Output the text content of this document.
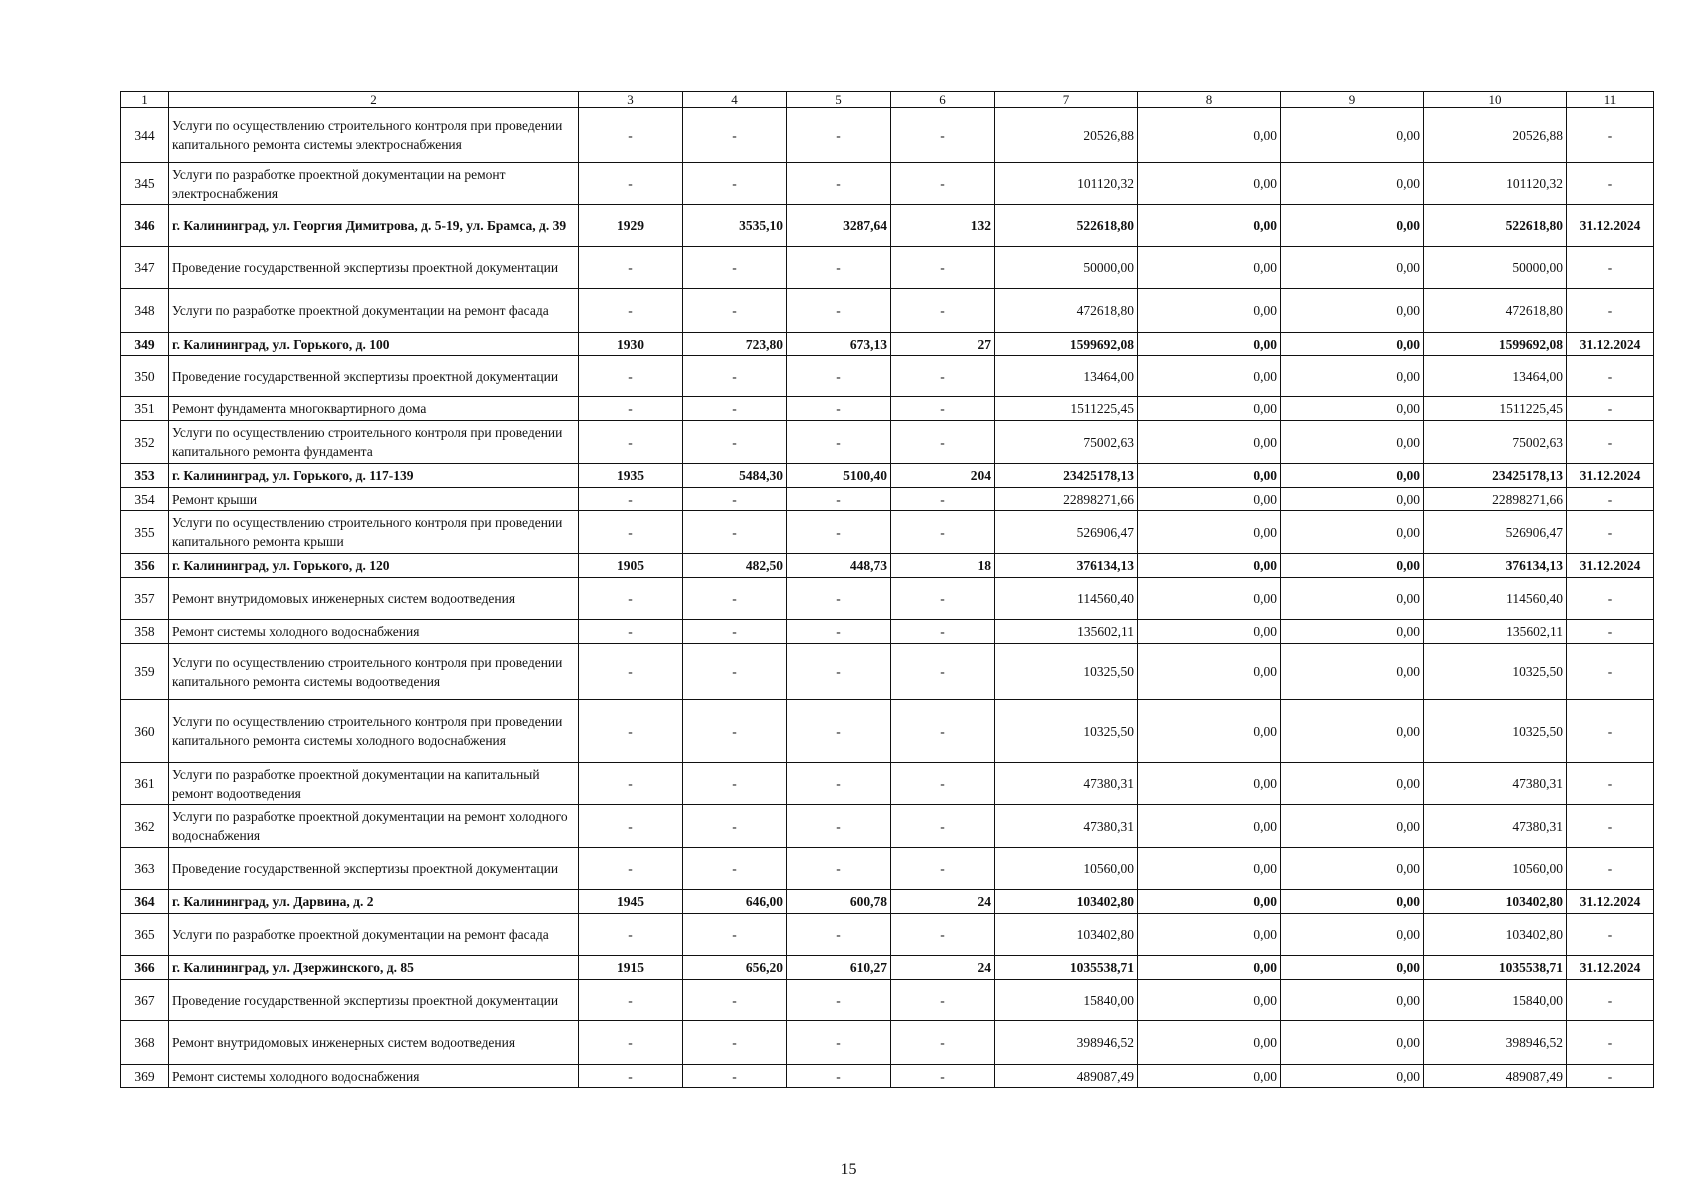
1	2	3	4	5	6	7	8	9	10	11
344	Услуги по осуществлению строительного контроля при проведении капитального ремонта системы электроснабжения	-	-	-	-	20526,88	0,00	0,00	20526,88	-
345	Услуги по разработке проектной документации на ремонт электроснабжения	-	-	-	-	101120,32	0,00	0,00	101120,32	-
346	г. Калининград, ул. Георгия Димитрова, д. 5-19, ул. Брамса, д. 39	1929	3535,10	3287,64	132	522618,80	0,00	0,00	522618,80	31.12.2024
347	Проведение государственной экспертизы проектной документации	-	-	-	-	50000,00	0,00	0,00	50000,00	-
348	Услуги по разработке проектной документации на ремонт фасада	-	-	-	-	472618,80	0,00	0,00	472618,80	-
349	г. Калининград, ул. Горького, д. 100	1930	723,80	673,13	27	1599692,08	0,00	0,00	1599692,08	31.12.2024
350	Проведение государственной экспертизы проектной документации	-	-	-	-	13464,00	0,00	0,00	13464,00	-
351	Ремонт фундамента многоквартирного дома	-	-	-	-	1511225,45	0,00	0,00	1511225,45	-
352	Услуги по осуществлению строительного контроля при проведении капитального ремонта фундамента	-	-	-	-	75002,63	0,00	0,00	75002,63	-
353	г. Калининград, ул. Горького, д. 117-139	1935	5484,30	5100,40	204	23425178,13	0,00	0,00	23425178,13	31.12.2024
354	Ремонт крыши	-	-	-	-	22898271,66	0,00	0,00	22898271,66	-
355	Услуги по осуществлению строительного контроля при проведении капитального ремонта крыши	-	-	-	-	526906,47	0,00	0,00	526906,47	-
356	г. Калининград, ул. Горького, д. 120	1905	482,50	448,73	18	376134,13	0,00	0,00	376134,13	31.12.2024
357	Ремонт внутридомовых инженерных систем водоотведения	-	-	-	-	114560,40	0,00	0,00	114560,40	-
358	Ремонт системы холодного водоснабжения	-	-	-	-	135602,11	0,00	0,00	135602,11	-
359	Услуги по осуществлению строительного контроля при проведении капитального ремонта системы водоотведения	-	-	-	-	10325,50	0,00	0,00	10325,50	-
360	Услуги по осуществлению строительного контроля при проведении капитального ремонта системы холодного водоснабжения	-	-	-	-	10325,50	0,00	0,00	10325,50	-
361	Услуги по разработке проектной документации на капитальный ремонт водоотведения	-	-	-	-	47380,31	0,00	0,00	47380,31	-
362	Услуги по разработке проектной документации на ремонт холодного водоснабжения	-	-	-	-	47380,31	0,00	0,00	47380,31	-
363	Проведение государственной экспертизы проектной документации	-	-	-	-	10560,00	0,00	0,00	10560,00	-
364	г. Калининград, ул. Дарвина, д. 2	1945	646,00	600,78	24	103402,80	0,00	0,00	103402,80	31.12.2024
365	Услуги по разработке проектной документации на ремонт фасада	-	-	-	-	103402,80	0,00	0,00	103402,80	-
366	г. Калининград, ул. Дзержинского, д. 85	1915	656,20	610,27	24	1035538,71	0,00	0,00	1035538,71	31.12.2024
367	Проведение государственной экспертизы проектной документации	-	-	-	-	15840,00	0,00	0,00	15840,00	-
368	Ремонт внутридомовых инженерных систем водоотведения	-	-	-	-	398946,52	0,00	0,00	398946,52	-
369	Ремонт системы холодного водоснабжения	-	-	-	-	489087,49	0,00	0,00	489087,49	-
15
